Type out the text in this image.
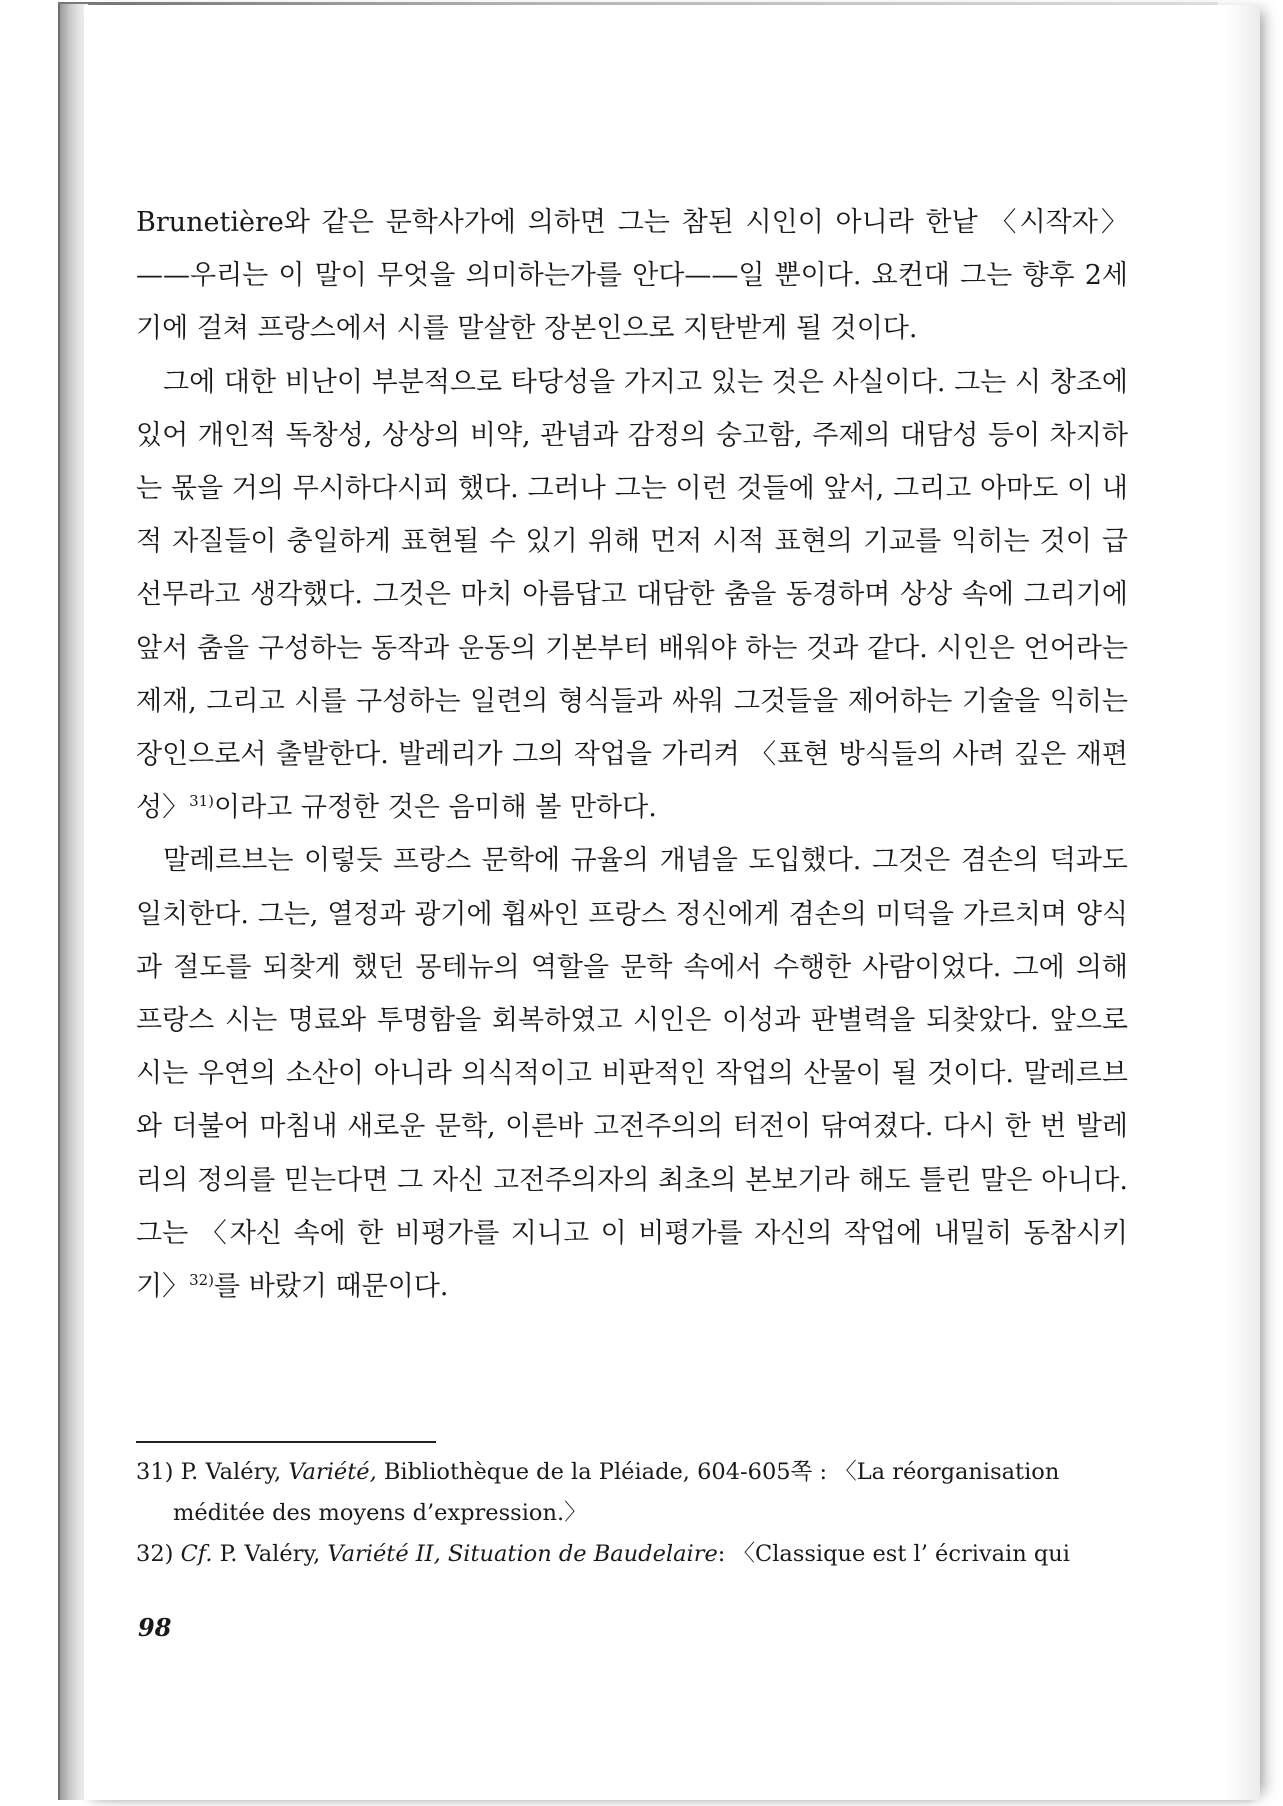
Brunetière와 같은 문학사가에 의하면 그는 참된 시인이 아니라 한낱 〈시작자〉——우리는 이 말이 무엇을 의미하는가를 안다——일 뿐이다. 요컨대 그는 향후 2세기에 걸쳐 프랑스에서 시를 말살한 장본인으로 지탄받게 될 것이다.

그에 대한 비난이 부분적으로 타당성을 가지고 있는 것은 사실이다. 그는 시 창조에 있어 개인적 독창성, 상상의 비약, 관념과 감정의 숭고함, 주제의 대담성 등이 차지하는 몫을 거의 무시하다시피 했다. 그러나 그는 이런 것들에 앞서, 그리고 아마도 이 내적 자질들이 충일하게 표현될 수 있기 위해 먼저 시적 표현의 기교를 익히는 것이 급선무라고 생각했다. 그것은 마치 아름답고 대담한 춤을 동경하며 상상 속에 그리기에 앞서 춤을 구성하는 동작과 운동의 기본부터 배워야 하는 것과 같다. 시인은 언어라는 제재, 그리고 시를 구성하는 일련의 형식들과 싸워 그것들을 제어하는 기술을 익히는 장인으로서 출발한다. 발레리가 그의 작업을 가리켜 〈표현 방식들의 사려 깊은 재편성〉$^{31)}$이라고 규정한 것은 음미해 볼 만하다.

말레르브는 이렇듯 프랑스 문학에 규율의 개념을 도입했다. 그것은 겸손의 덕과도 일치한다. 그는, 열정과 광기에 휩싸인 프랑스 정신에게 겸손의 미덕을 가르치며 양식과 절도를 되찾게 했던 몽테뉴의 역할을 문학 속에서 수행한 사람이었다. 그에 의해 프랑스 시는 명료와 투명함을 회복하였고 시인은 이성과 판별력을 되찾았다. 앞으로 시는 우연의 소산이 아니라 의식적이고 비판적인 작업의 산물이 될 것이다. 말레르브와 더불어 마침내 새로운 문학, 이른바 고전주의의 터전이 닦여졌다. 다시 한 번 발레리의 정의를 믿는다면 그 자신 고전주의자의 최초의 본보기라 해도 틀린 말은 아니다. 그는 〈자신 속에 한 비평가를 지니고 이 비평가를 자신의 작업에 내밀히 동참시키기〉$^{32)}$를 바랐기 때문이다.

31) P. Valéry, Variété, Bibliothèque de la Pléiade, 604-605쪽 : 〈La réorganisation

méditée des moyens d’expression.〉

32) Cf. P. Valéry, Variété II, Situation de Baudelaire: 〈Classique est l’ écrivain qui

98
